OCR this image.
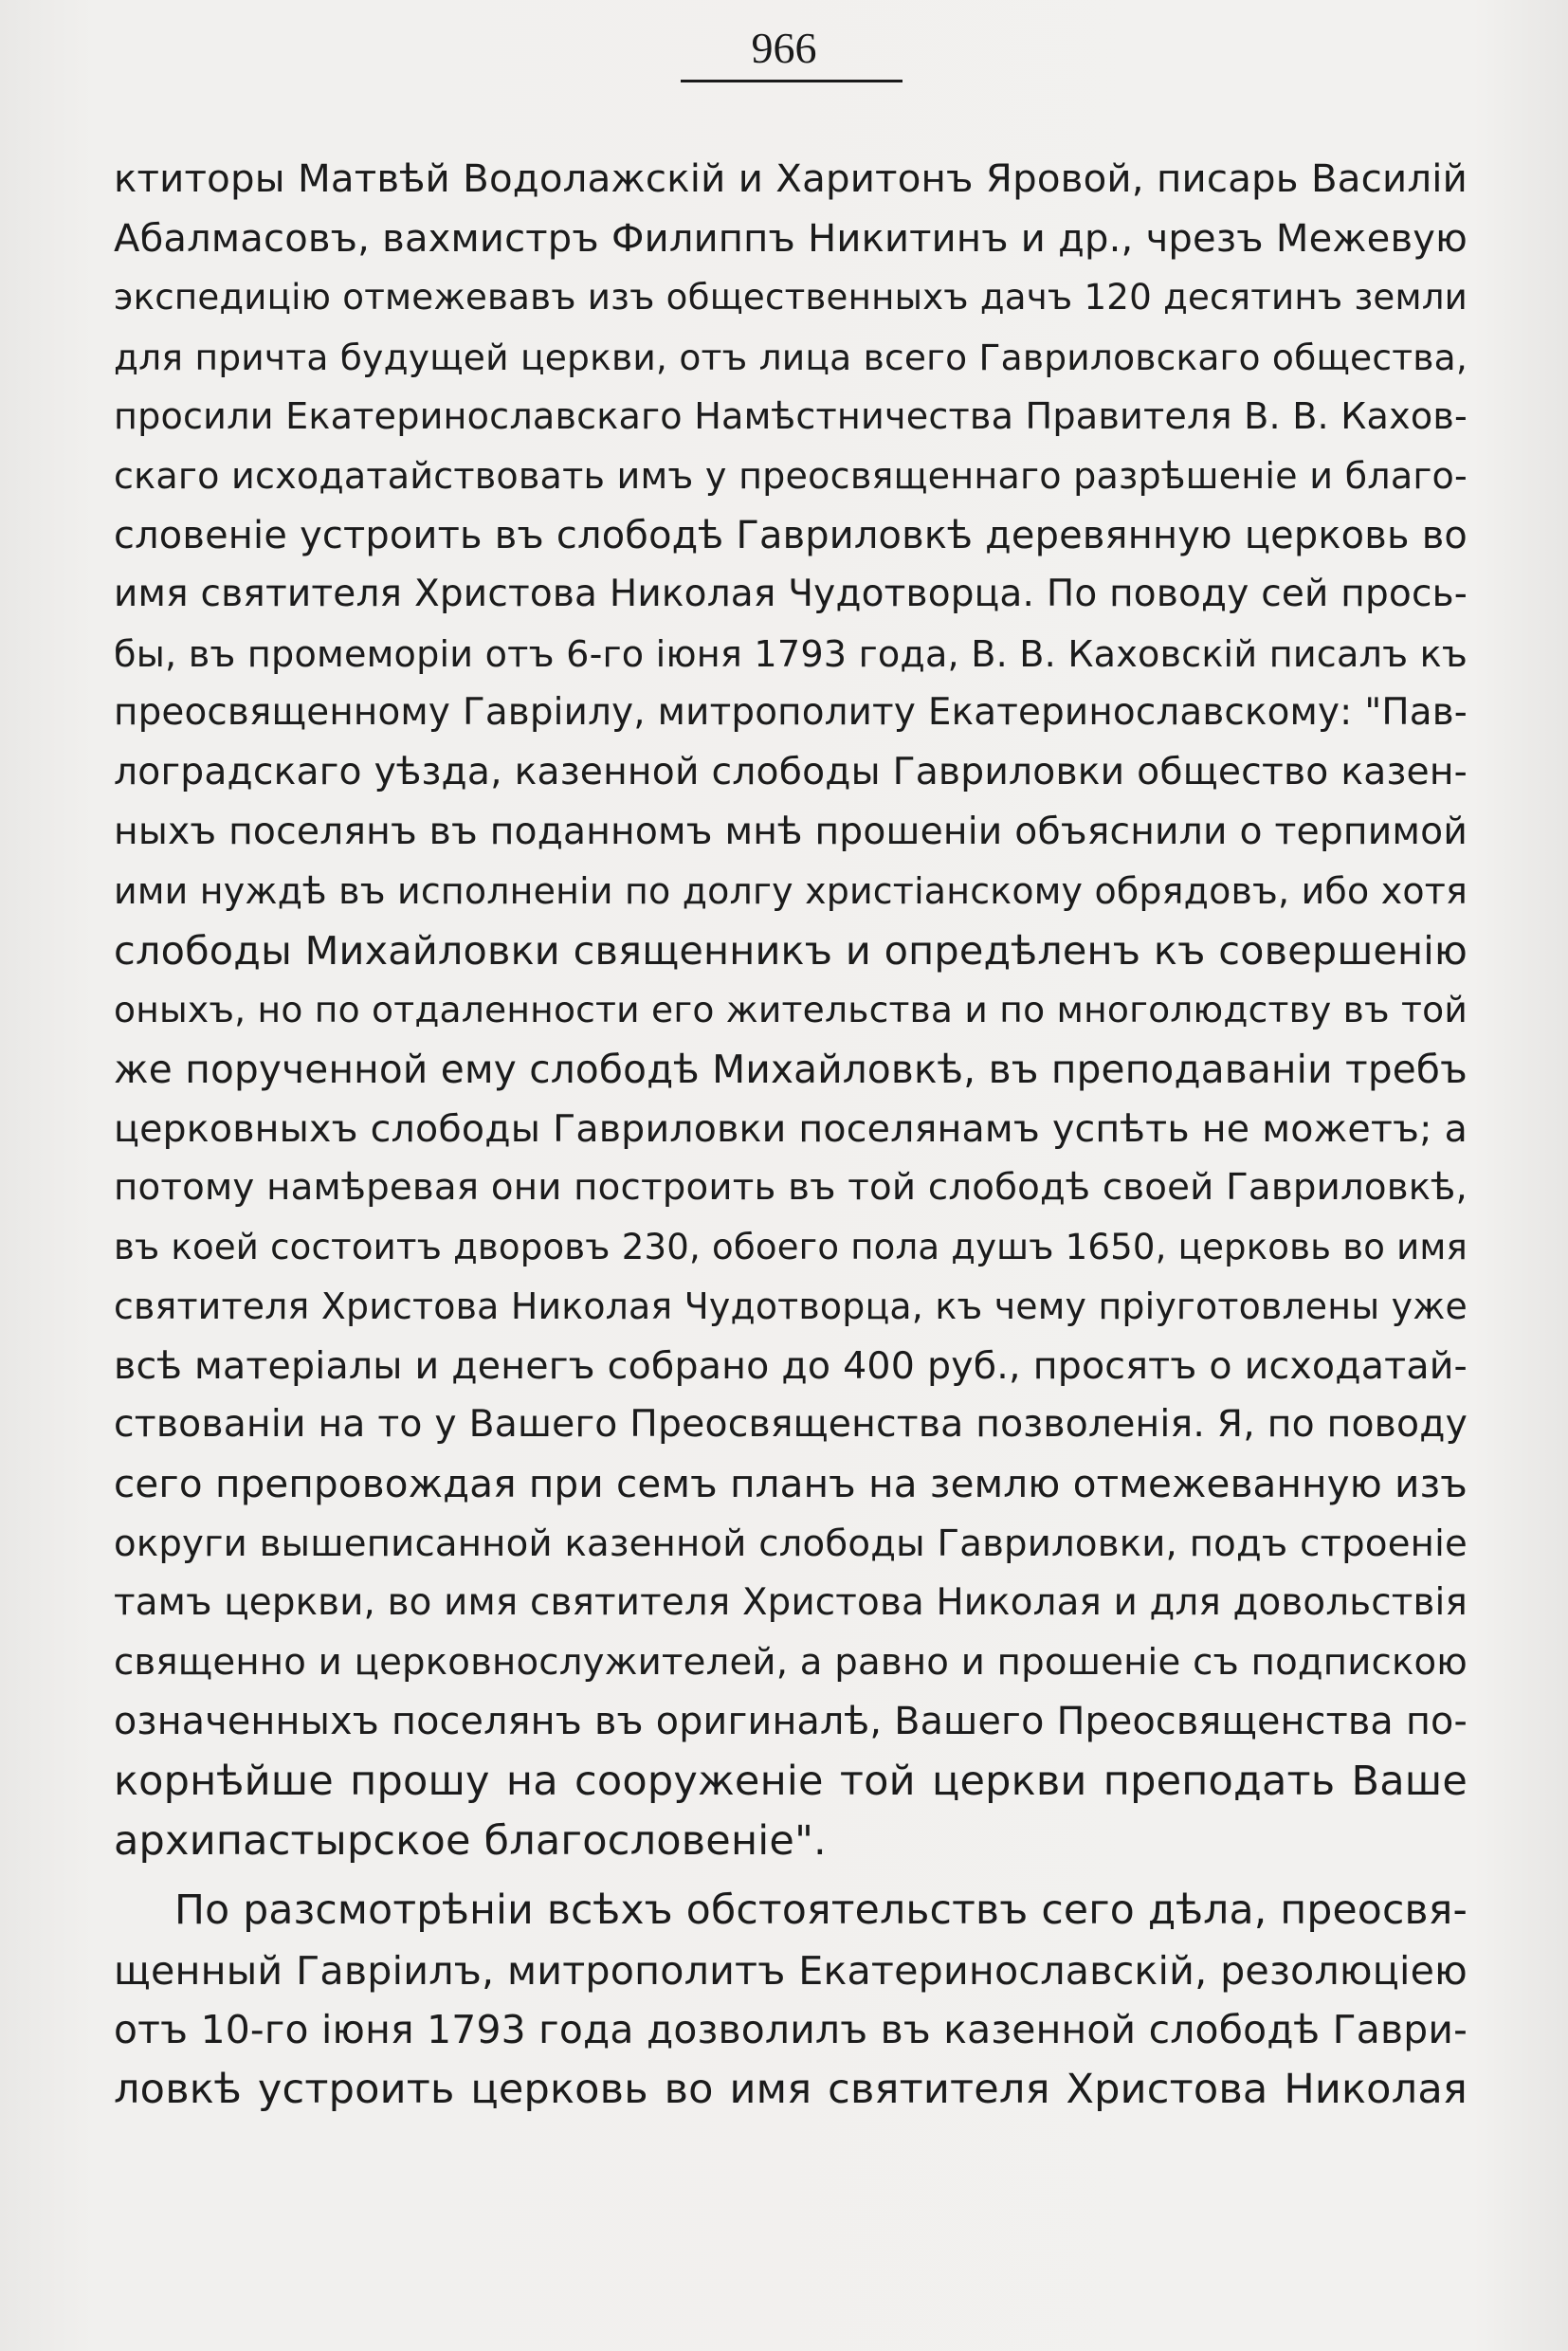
966
ктиторы Матвѣй Водолажскій и Харитонъ Яровой, писарь Василій
Абалмасовъ, вахмистръ Филиппъ Никитинъ и др., чрезъ Межевую
экспедицію отмежевавъ изъ общественныхъ дачъ 120 десятинъ земли
для причта будущей церкви, отъ лица всего Гавриловскаго общества,
просили Екатеринославскаго Намѣстничества Правителя В. В. Кахов-
скаго исходатайствовать имъ у преосвященнаго разрѣшеніе и благо-
словеніе устроить въ слободѣ Гавриловкѣ деревянную церковь во
имя святителя Христова Николая Чудотворца. По поводу сей прось-
бы, въ промеморіи отъ 6-го іюня 1793 года, В. В. Каховскій писалъ къ
преосвященному Гавріилу, митрополиту Екатеринославскому: "Пав-
лоградскаго уѣзда, казенной слободы Гавриловки общество казен-
ныхъ поселянъ въ поданномъ мнѣ прошеніи объяснили о терпимой
ими нуждѣ въ исполненіи по долгу христіанскому обрядовъ, ибо хотя
слободы Михайловки священникъ и опредѣленъ къ совершенію
оныхъ, но по отдаленности его жительства и по многолюдству въ той
же порученной ему слободѣ Михайловкѣ, въ преподаваніи требъ
церковныхъ слободы Гавриловки поселянамъ успѣть не можетъ; а
потому намѣревая они построить въ той слободѣ своей Гавриловкѣ,
въ коей состоитъ дворовъ 230, обоего пола душъ 1650, церковь во имя
святителя Христова Николая Чудотворца, къ чему пріуготовлены уже
всѣ матеріалы и денегъ собрано до 400 руб., просятъ о исходатай-
ствованіи на то у Вашего Преосвященства позволенія. Я, по поводу
сего препровождая при семъ планъ на землю отмежеванную изъ
округи вышеписанной казенной слободы Гавриловки, подъ строеніе
тамъ церкви, во имя святителя Христова Николая и для довольствія
священно и церковнослужителей, а равно и прошеніе съ подпискою
означенныхъ поселянъ въ оригиналѣ, Вашего Преосвященства по-
корнѣйше прошу на сооруженіе той церкви преподать Ваше
архипастырское благословеніе".
По разсмотрѣніи всѣхъ обстоятельствъ сего дѣла, преосвя-
щенный Гавріилъ, митрополитъ Екатеринославскій, резолюціею
отъ 10-го іюня 1793 года дозволилъ въ казенной слободѣ Гаври-
ловкѣ устроить церковь во имя святителя Христова Николая
